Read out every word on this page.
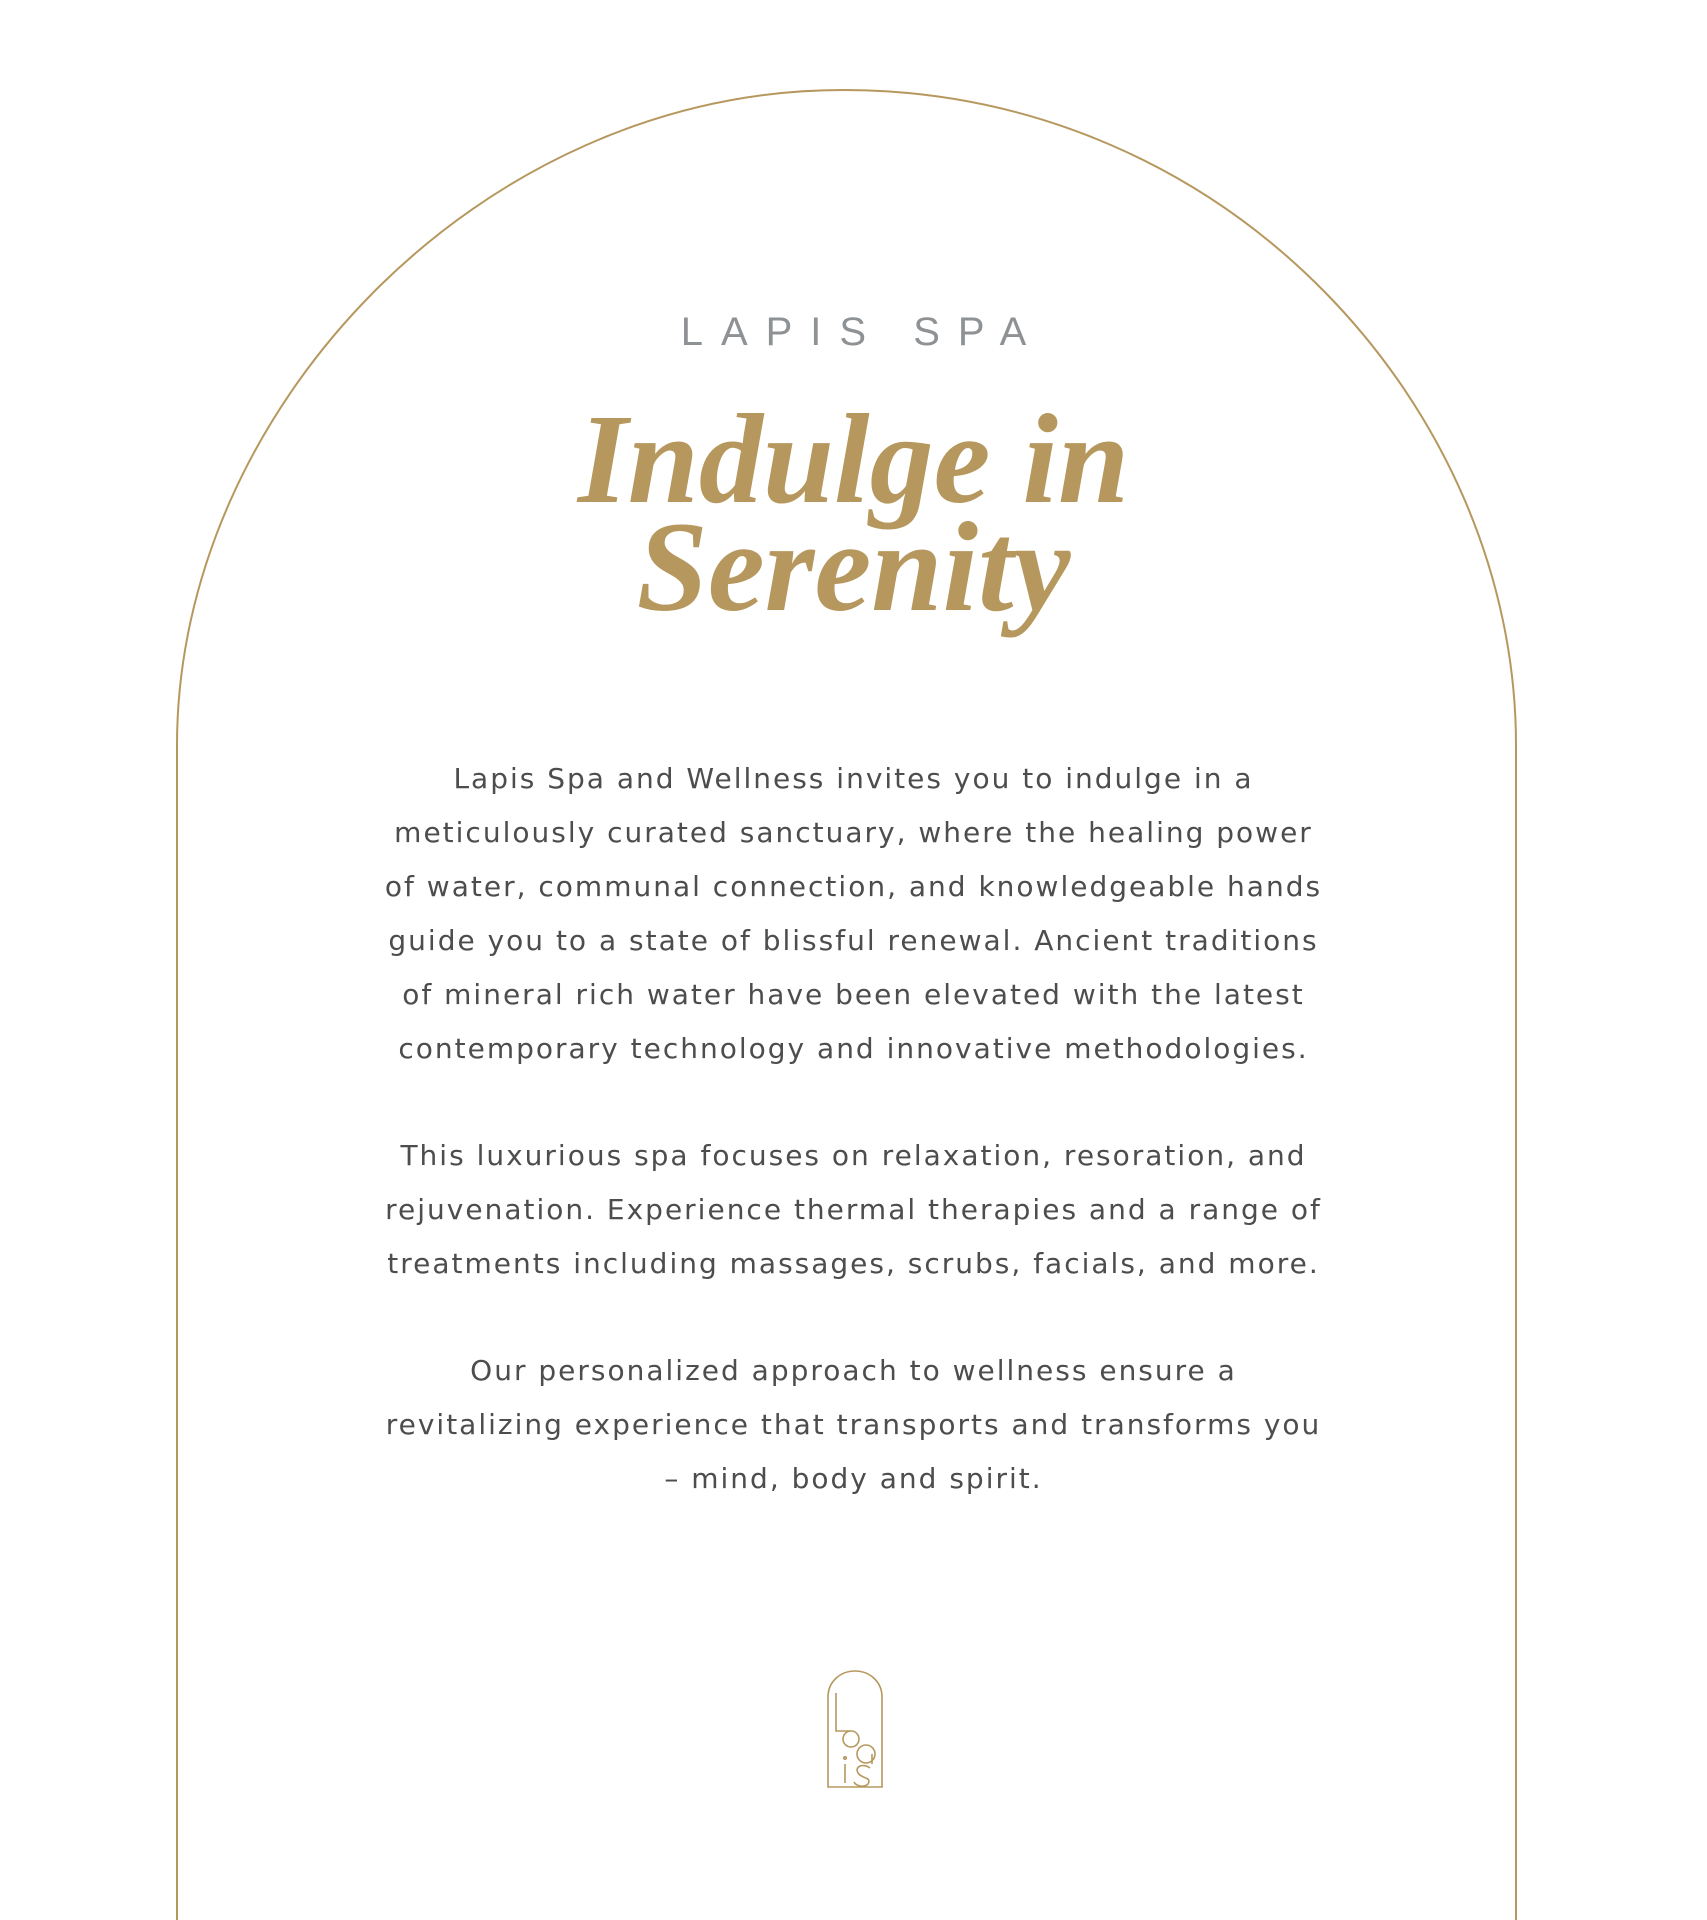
LAPIS SPA
Indulge in
Serenity

Lapis Spa and Wellness invites you to indulge in a meticulously curated sanctuary, where the healing power of water, communal connection, and knowledgeable hands guide you to a state of blissful renewal. Ancient traditions of mineral rich water have been elevated with the latest contemporary technology and innovative methodologies.

This luxurious spa focuses on relaxation, resoration, and rejuvenation. Experience thermal therapies and a range of treatments including massages, scrubs, facials, and more.

Our personalized approach to wellness ensure a revitalizing experience that transports and transforms you – mind, body and spirit.
